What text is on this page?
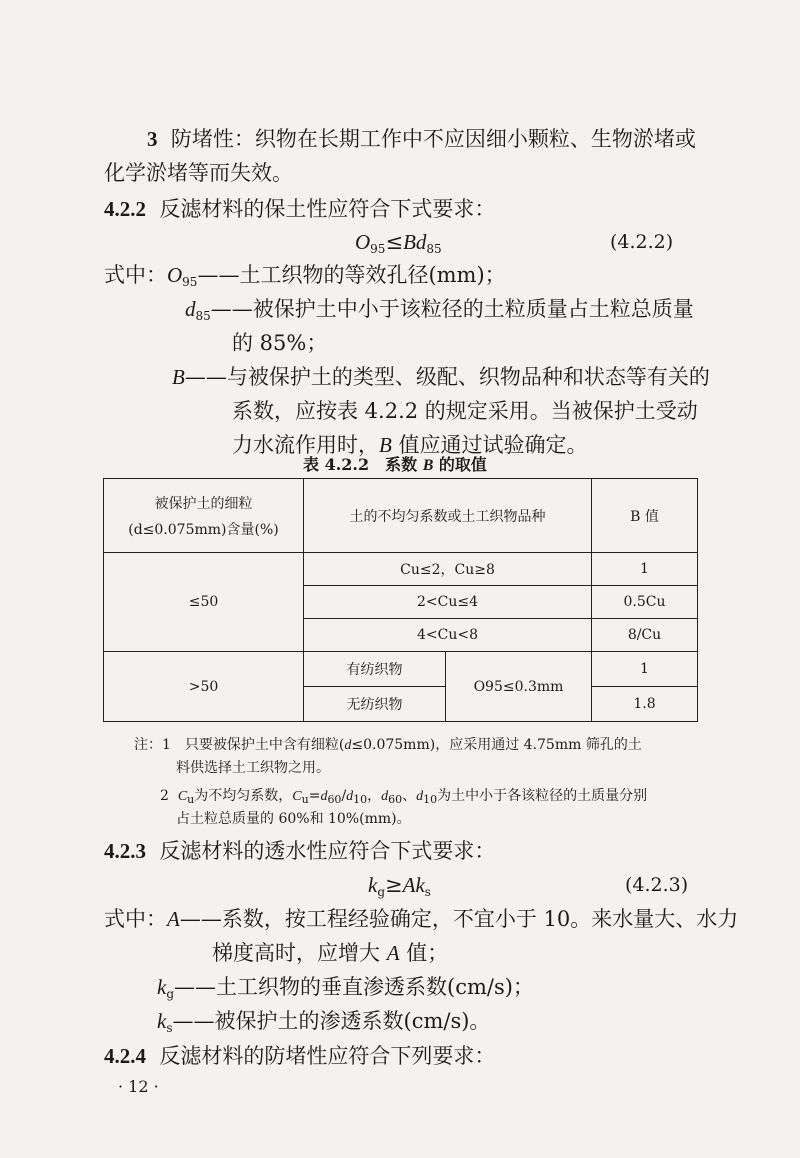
3 防堵性：织物在长期工作中不应因细小颗粒、生物淤堵或
化学淤堵等而失效。
4.2.2 反滤材料的保土性应符合下式要求：
$O_{95}\le Bd_{85}$	(4.2.2)
式中：$O_{95}——$土工织物的等效孔径(mm)；
$d_{85}——$被保护土中小于该粒径的土粒质量占土粒总质量
的 85%；
B——与被保护土的类型、级配、织物品种和状态等有关的
系数，应按表 4.2.2 的规定采用。当被保护土受动
力水流作用时，B 值应通过试验确定。
表 4.2.2　系数 B 的取值
被保护土的细粒
(d≤0.075mm)含量(%)	土的不均匀系数或土工织物品种		B 值
≤50	Cu≤2，Cu≥8		1
	2<Cu≤4		0.5Cu
	4<Cu<8		8/Cu
>50	有纺织物	O95≤0.3mm	1
	无纺织物		1.8
注：1　只要被保护土中含有细粒(d≤0.075mm)，应采用通过 4.75mm 筛孔的土
料供选择土工织物之用。
2 $C_u$为不均匀系数，$C_u=d_{60}/d_{10}$，$d_{60}$、$d_{10}$为土中小于各该粒径的土质量分别
占土粒总质量的 60%和 10%(mm)。
4.2.3 反滤材料的透水性应符合下式要求：
$k_g\ge Ak_s$	(4.2.3)
式中：A——系数，按工程经验确定，不宜小于 10。来水量大、水力
梯度高时，应增大 A 值；
$k_g——$土工织物的垂直渗透系数(cm/s)；
$k_s——$被保护土的渗透系数(cm/s)。
4.2.4 反滤材料的防堵性应符合下列要求：
· 12 ·
